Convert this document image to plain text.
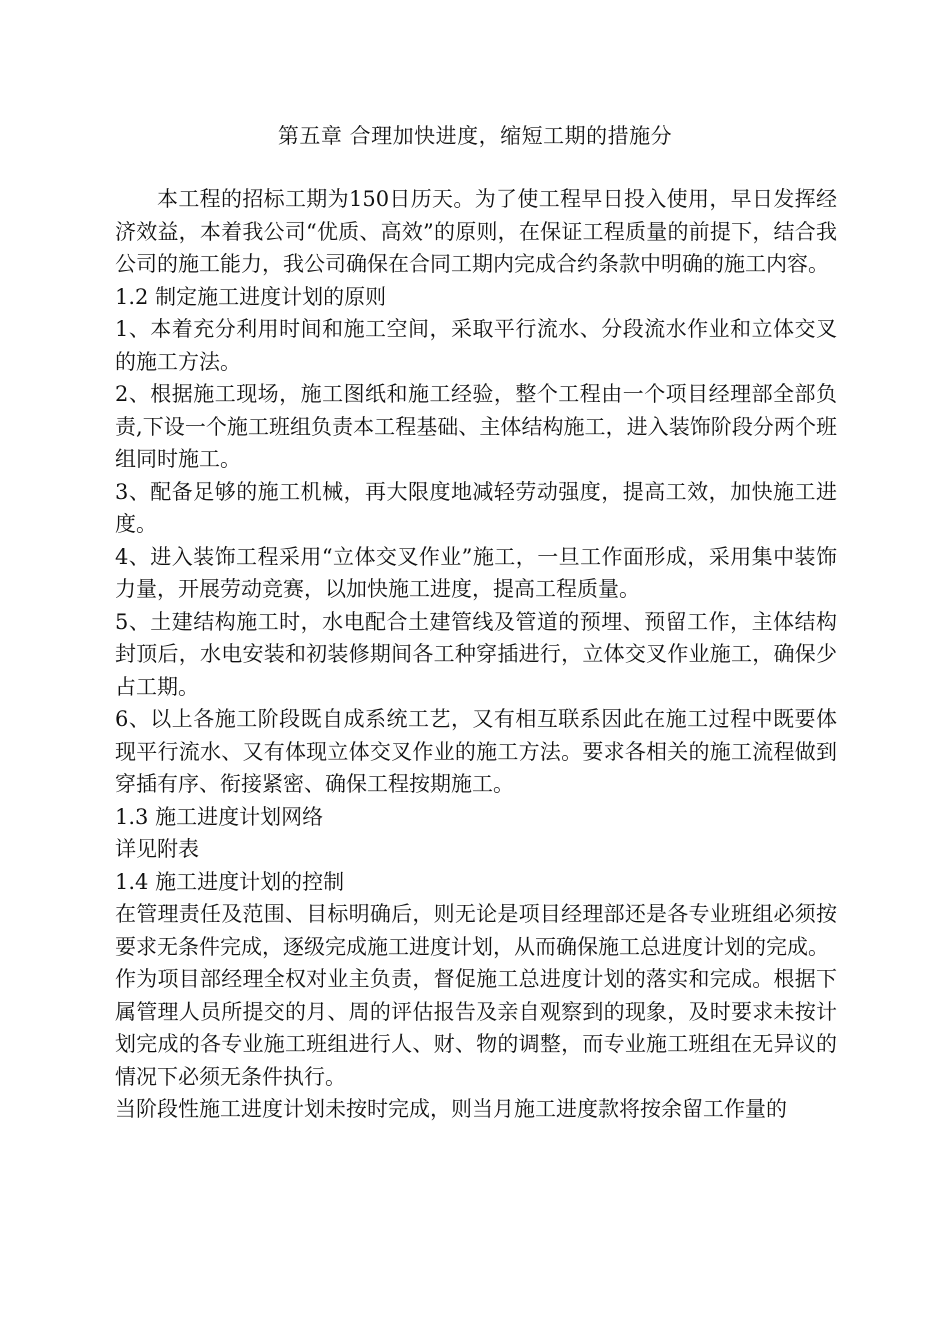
第五章 合理加快进度，缩短工期的措施分

本工程的招标工期为150日历天。为了使工程早日投入使用，早日发挥经济效益，本着我公司“优质、高效”的原则，在保证工程质量的前提下，结合我公司的施工能力，我公司确保在合同工期内完成合约条款中明确的施工内容。

1.2 制定施工进度计划的原则

1、本着充分利用时间和施工空间，采取平行流水、分段流水作业和立体交叉的施工方法。

2、根据施工现场，施工图纸和施工经验，整个工程由一个项目经理部全部负责,下设一个施工班组负责本工程基础、主体结构施工，进入装饰阶段分两个班组同时施工。

3、配备足够的施工机械，再大限度地减轻劳动强度，提高工效，加快施工进度。

4、进入装饰工程采用“立体交叉作业”施工，一旦工作面形成，采用集中装饰力量，开展劳动竞赛，以加快施工进度，提高工程质量。

5、土建结构施工时，水电配合土建管线及管道的预埋、预留工作，主体结构封顶后，水电安装和初装修期间各工种穿插进行，立体交叉作业施工，确保少占工期。

6、以上各施工阶段既自成系统工艺，又有相互联系因此在施工过程中既要体现平行流水、又有体现立体交叉作业的施工方法。要求各相关的施工流程做到穿插有序、衔接紧密、确保工程按期施工。

1.3 施工进度计划网络

详见附表

1.4 施工进度计划的控制

在管理责任及范围、目标明确后，则无论是项目经理部还是各专业班组必须按要求无条件完成，逐级完成施工进度计划，从而确保施工总进度计划的完成。

作为项目部经理全权对业主负责，督促施工总进度计划的落实和完成。根据下属管理人员所提交的月、周的评估报告及亲自观察到的现象，及时要求未按计划完成的各专业施工班组进行人、财、物的调整，而专业施工班组在无异议的情况下必须无条件执行。

当阶段性施工进度计划未按时完成，则当月施工进度款将按余留工作量的
